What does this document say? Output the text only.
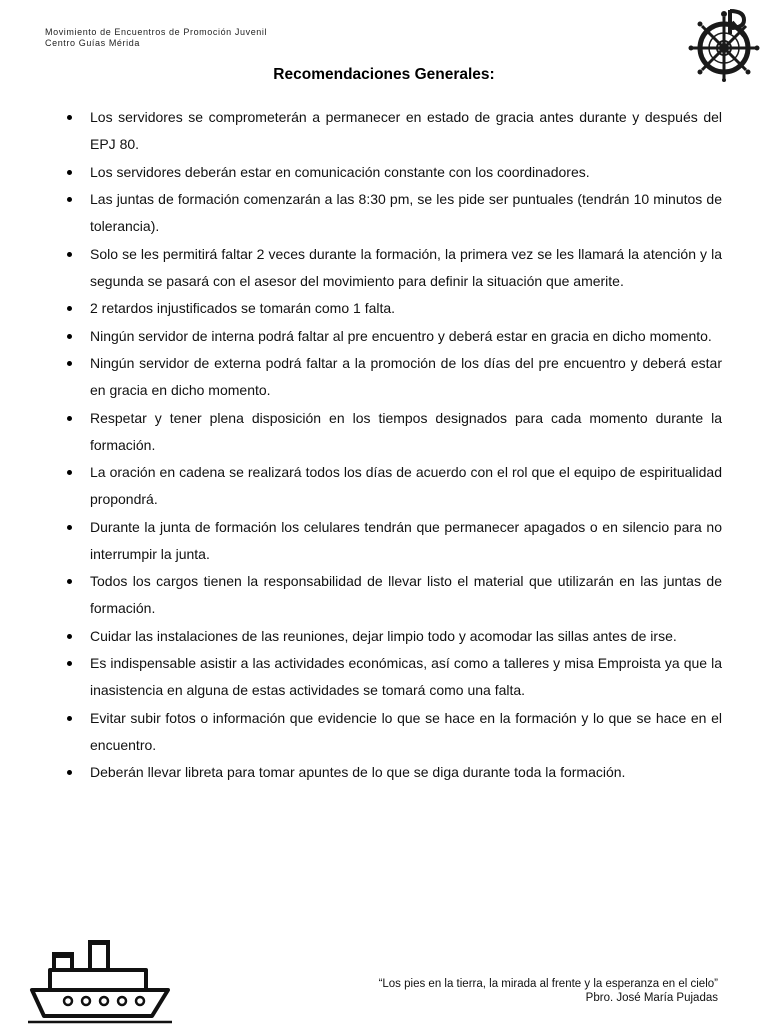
Movimiento de Encuentros de Promoción Juvenil
Centro Guías Mérida
Recomendaciones Generales:
Los servidores se comprometerán a permanecer en estado de gracia antes durante y después del EPJ 80.
Los servidores deberán estar en comunicación constante con los coordinadores.
Las juntas de formación comenzarán a las 8:30 pm, se les pide ser puntuales (tendrán 10 minutos de tolerancia).
Solo se les permitirá faltar 2 veces durante la formación, la primera vez se les llamará la atención y la segunda se pasará con el asesor del movimiento para definir la situación que amerite.
2 retardos injustificados se tomarán como 1 falta.
Ningún servidor de interna podrá faltar al pre encuentro y deberá estar en gracia en dicho momento.
Ningún servidor de externa podrá faltar a la promoción de los días del pre encuentro y deberá estar en gracia en dicho momento.
Respetar y tener plena disposición en los tiempos designados para cada momento durante la formación.
La oración en cadena se realizará todos los días de acuerdo con el rol que el equipo de espiritualidad propondrá.
Durante la junta de formación los celulares tendrán que permanecer apagados o en silencio para no interrumpir la junta.
Todos los cargos tienen la responsabilidad de llevar listo el material que utilizarán en las juntas de formación.
Cuidar las instalaciones de las reuniones, dejar limpio todo y acomodar las sillas antes de irse.
Es indispensable asistir a las actividades económicas, así como a talleres y misa Emproista ya que la inasistencia en alguna de estas actividades se tomará como una falta.
Evitar subir fotos o información que evidencie lo que se hace en la formación y lo que se hace en el encuentro.
Deberán llevar libreta para tomar apuntes de lo que se diga durante toda la formación.
“Los pies en la tierra, la mirada al frente y la esperanza en el cielo”
Pbro. José María Pujadas
